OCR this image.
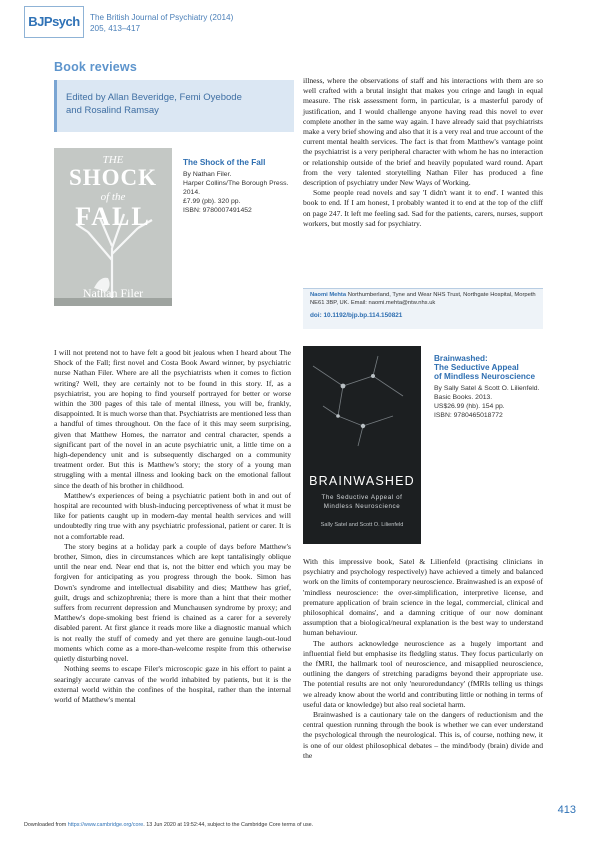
BJPsych	The British Journal of Psychiatry (2014)
205, 413–417
Book reviews
Edited by Allan Beveridge, Femi Oyebode
and Rosalind Ramsay
THE
SHOCK
of the
FALL
Nathan Filer
The Shock of the Fall
By Nathan Filer.
Harper Collins/The Borough Press.
2014.
£7.99 (pb). 320 pp.
ISBN: 9780007491452

I will not pretend not to have felt a good bit jealous when I heard about The Shock of the Fall; first novel and Costa Book Award winner, by psychiatric nurse Nathan Filer. Where are all the psychiatrists when it comes to fiction writing? Well, they are certainly not to be found in this story. If, as a psychiatrist, you are hoping to find yourself portrayed for better or worse within the 300 pages of this tale of mental illness, you will be, frankly, disappointed. It is much worse than that. Psychiatrists are mentioned less than a handful of times throughout. On the face of it this may seem surprising, given that Matthew Homes, the narrator and central character, spends a significant part of the novel in an acute psychiatric unit, a little time on a high-dependency unit and is subsequently discharged on a community treatment order. But this is Matthew's story; the story of a young man struggling with a mental illness and looking back on the emotional fallout since the death of his brother in childhood.

Matthew's experiences of being a psychiatric patient both in and out of hospital are recounted with blush-inducing perceptiveness of what it must be like for patients caught up in modern-day mental health services and will undoubtedly ring true with any psychiatric professional, patient or carer. It is not a comfortable read.

The story begins at a holiday park a couple of days before Matthew's brother, Simon, dies in circumstances which are kept tantalisingly oblique until the near end. Near end that is, not the bitter end which you may be forgiven for anticipating as you progress through the book. Simon has Down's syndrome and intellectual disability and dies; Matthew has grief, guilt, drugs and schizophrenia; there is more than a hint that their mother suffers from recurrent depression and Munchausen syndrome by proxy; and Matthew's dope-smoking best friend is chained as a carer for a severely disabled parent. At first glance it reads more like a diagnostic manual which is not really the stuff of comedy and yet there are genuine laugh-out-loud moments which come as a more-than-welcome respite from this otherwise quietly disturbing novel.

Nothing seems to escape Filer's microscopic gaze in his effort to paint a searingly accurate canvas of the world inhabited by patients, but it is the external world within the confines of the hospital, rather than the internal world of Matthew's mental

illness, where the observations of staff and his interactions with them are so well crafted with a brutal insight that makes you cringe and laugh in equal measure. The risk assessment form, in particular, is a masterful parody of justification, and I would challenge anyone having read this novel to ever complete another in the same way again. I have already said that psychiatrists make a very brief showing and also that it is a very real and true account of the current mental health services. The fact is that from Matthew's vantage point the psychiatrist is a very peripheral character with whom he has no interaction or relationship outside of the brief and heavily populated ward round. Apart from the very talented storytelling Nathan Filer has produced a fine description of psychiatry under New Ways of Working.

Some people read novels and say 'I didn't want it to end'. I wanted this book to end. If I am honest, I probably wanted it to end at the top of the cliff on page 247. It left me feeling sad. Sad for the patients, carers, nurses, support workers, but mostly sad for psychiatry.

Naomi Mehta Northumberland, Tyne and Wear NHS Trust, Northgate Hospital, Morpeth NE61 3BP, UK. Email: naomi.mehta@ntw.nhs.uk
doi: 10.1192/bjp.bp.114.150821
BRAINWASHED
The Seductive Appeal of
Mindless Neuroscience
Sally Satel and Scott O. Lilienfeld
Brainwashed:
The Seductive Appeal
of Mindless Neuroscience
By Sally Satel & Scott O. Lilienfeld.
Basic Books. 2013.
US$26.99 (hb). 154 pp.
ISBN: 9780465018772

With this impressive book, Satel & Lilienfeld (practising clinicians in psychiatry and psychology respectively) have achieved a timely and balanced work on the limits of contemporary neuroscience. Brainwashed is an exposé of 'mindless neuroscience: the over-simplification, interpretive license, and premature application of brain science in the legal, commercial, clinical and philosophical domains', and a damning critique of our now dominant assumption that a biological/neural explanation is the best way to understand human behaviour.

The authors acknowledge neuroscience as a hugely important and influential field but emphasise its fledgling status. They focus particularly on the fMRI, the hallmark tool of neuroscience, and misapplied neuroscience, outlining the dangers of stretching paradigms beyond their appropriate use. The potential results are not only 'neuroredundancy' (fMRIs telling us things we already know about the world and contributing little or nothing in terms of useful data or knowledge) but also real societal harm.

Brainwashed is a cautionary tale on the dangers of reductionism and the central question running through the book is whether we can ever understand the psychological through the neurological. This is, of course, nothing new, it is one of our oldest philosophical debates – the mind/body (brain) divide and the

413
Downloaded from https://www.cambridge.org/core. 13 Jun 2020 at 19:52:44, subject to the Cambridge Core terms of use.
